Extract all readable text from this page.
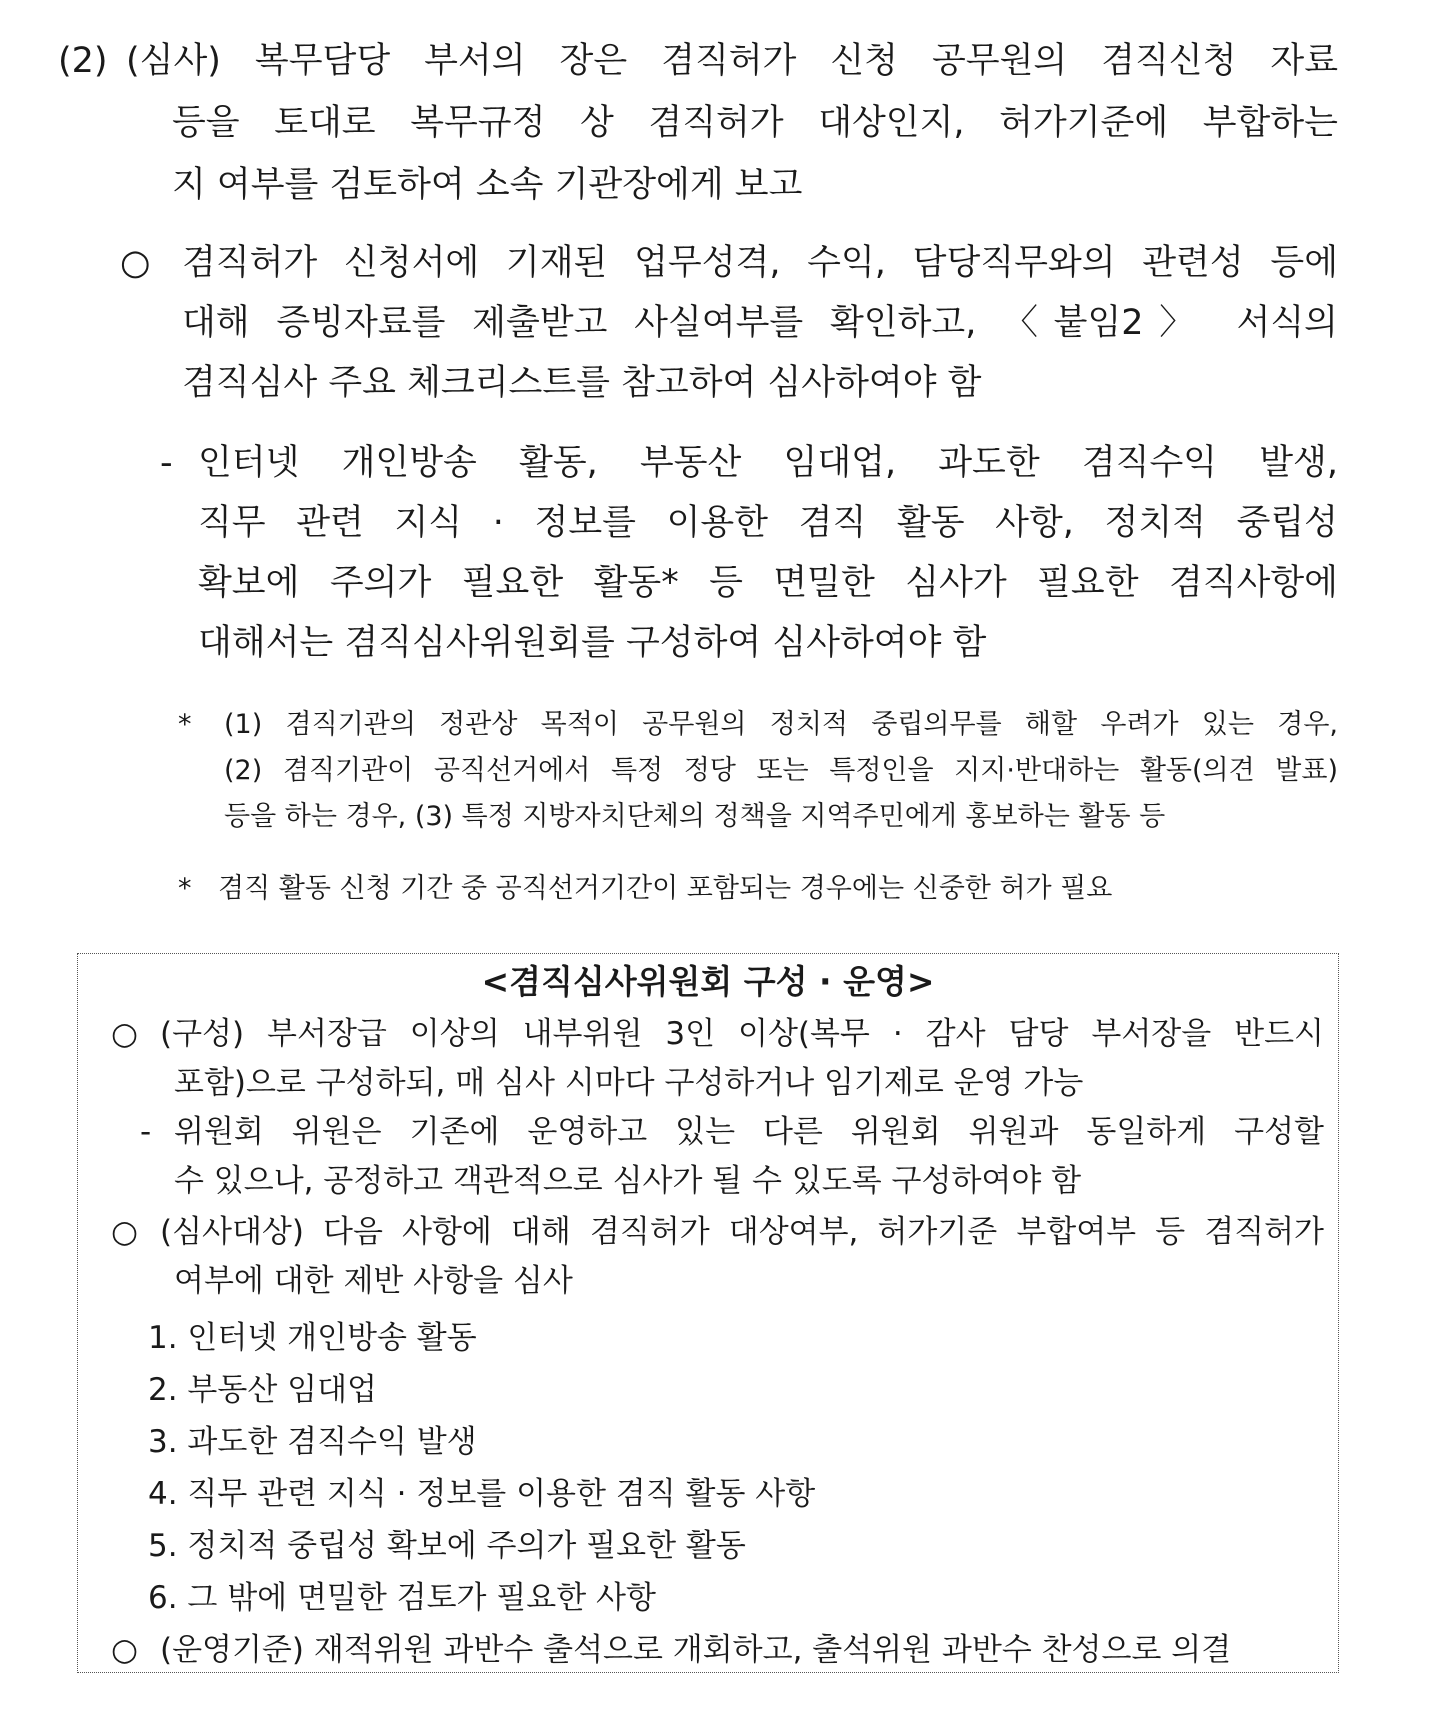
(2) (심사) 복무담당 부서의 장은 겸직허가 신청 공무원의 겸직신청 자료

등을 토대로 복무규정 상 겸직허가 대상인지, 허가기준에 부합하는

지 여부를 검토하여 소속 기관장에게 보고

○ 겸직허가 신청서에 기재된 업무성격, 수익, 담당직무와의 관련성 등에

대해 증빙자료를 제출받고 사실여부를 확인하고, 〈붙임2〉 서식의

겸직심사 주요 체크리스트를 참고하여 심사하여야 함

- 인터넷 개인방송 활동, 부동산 임대업, 과도한 겸직수익 발생,

직무 관련 지식 · 정보를 이용한 겸직 활동 사항, 정치적 중립성

확보에 주의가 필요한 활동* 등 면밀한 심사가 필요한 겸직사항에

대해서는 겸직심사위원회를 구성하여 심사하여야 함

* (1) 겸직기관의 정관상 목적이 공무원의 정치적 중립의무를 해할 우려가 있는 경우,

(2) 겸직기관이 공직선거에서 특정 정당 또는 특정인을 지지·반대하는 활동(의견 발표)

등을 하는 경우, (3) 특정 지방자치단체의 정책을 지역주민에게 홍보하는 활동 등

* 겸직 활동 신청 기간 중 공직선거기간이 포함되는 경우에는 신중한 허가 필요

<겸직심사위원회 구성 · 운영>
○ (구성) 부서장급 이상의 내부위원 3인 이상(복무 · 감사 담당 부서장을 반드시

포함)으로 구성하되, 매 심사 시마다 구성하거나 임기제로 운영 가능

- 위원회 위원은 기존에 운영하고 있는 다른 위원회 위원과 동일하게 구성할

수 있으나, 공정하고 객관적으로 심사가 될 수 있도록 구성하여야 함

○ (심사대상) 다음 사항에 대해 겸직허가 대상여부, 허가기준 부합여부 등 겸직허가

여부에 대한 제반 사항을 심사

1. 인터넷 개인방송 활동

2. 부동산 임대업

3. 과도한 겸직수익 발생

4. 직무 관련 지식 · 정보를 이용한 겸직 활동 사항

5. 정치적 중립성 확보에 주의가 필요한 활동

6. 그 밖에 면밀한 검토가 필요한 사항

○ (운영기준) 재적위원 과반수 출석으로 개회하고, 출석위원 과반수 찬성으로 의결
